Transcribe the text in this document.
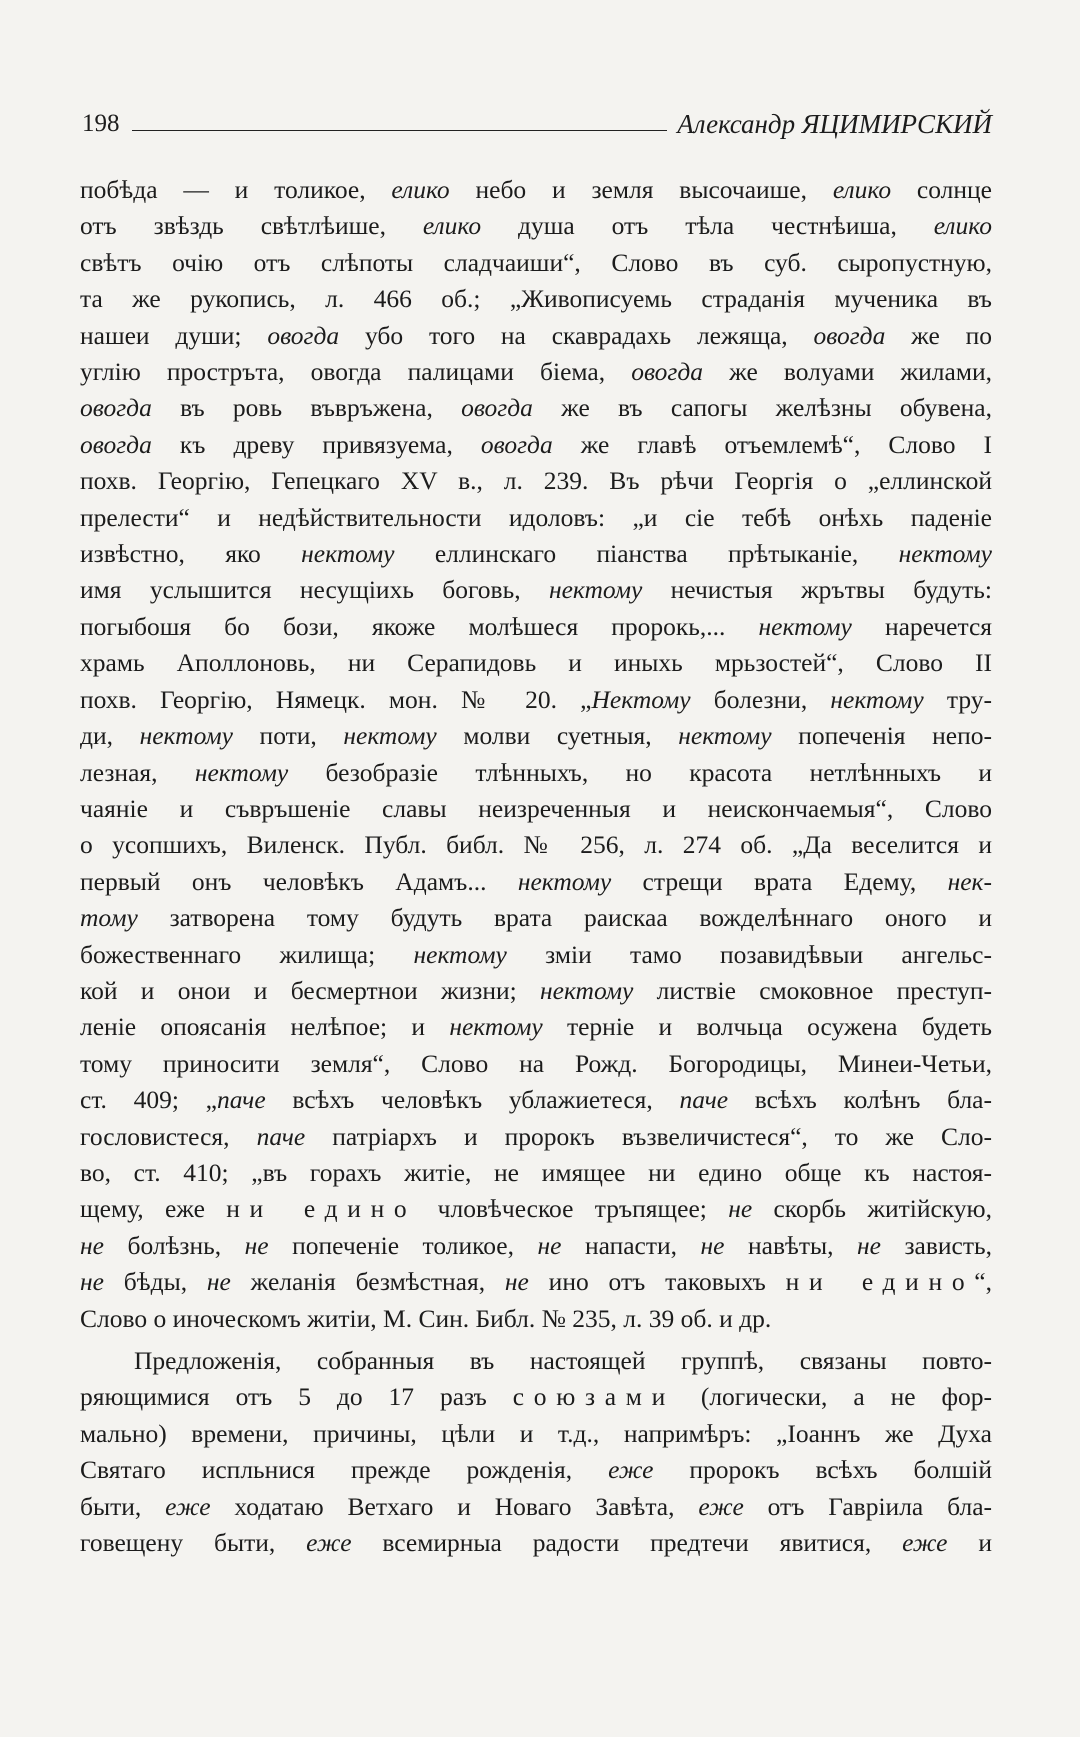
198	Александр ЯЦИМИРСКИЙ

побѣда — и толикое, елико небо и земля высочаише, елико солнце

отъ звѣздь свѣтлѣише, елико душа отъ тѣла честнѣиша, елико

свѣтъ очію отъ слѣпоты сладчаиши“, Слово въ суб. сыропустную,

та же рукопись, л. 466 об.; „Живописуемь страданія мученика въ

нашеи души; овогда убо того на скаврадахь лежяща, овогда же по

углію простръта, овогда палицами біема, овогда же волуами жилами,

овогда въ ровь въвръжена, овогда же въ сапогы желѣзны обувена,

овогда къ древу привязуема, овогда же главѣ отъемлемѣ“, Слово I

похв. Георгію, Гепецкаго XV в., л. 239. Въ рѣчи Георгія о „еллинской

прелести“ и недѣйствительности идоловъ: „и сіе тебѣ онѣхь паденіе

извѣстно, яко нектому еллинскаго піанства прѣтыканіе, нектому

имя услышится несущіихь боговь, нектому нечистыя жрътвы будуть:

погыбошя бо бози, якоже молѣшеся пророкь,... нектому наречется

храмь Аполлоновь, ни Серапидовь и иныхь мрьзостей“, Слово II

похв. Георгію, Нямецк. мон. № 20. „Нектому болезни, нектому тру-

ди, нектому поти, нектому молви суетныя, нектому попеченія непо-

лезная, нектому безобразіе тлѣнныхъ, но красота нетлѣнныхъ и

чаяніе и съвръшеніе славы неизреченныя и неискончаемыя“, Слово

о усопшихъ, Виленск. Публ. библ. № 256, л. 274 об. „Да веселится и

первый онъ человѣкъ Адамъ... нектому стрещи врата Едему, нек-

тому затворена тому будуть врата раискаа вожделѣннаго оного и

божественнаго жилища; нектому зміи тамо позавидѣвыи ангельс-

кой и онои и бесмертнои жизни; нектому листвіе смоковное преступ-

леніе опоясанія нелѣпое; и нектому терніе и волчьца осужена будеть

тому приносити земля“, Слово на Рожд. Богородицы, Минеи-Четьи,

ст. 409; „паче всѣхъ человѣкъ ублажиетеся, паче всѣхъ колѣнъ бла-

гословистеся, паче патріархъ и пророкъ възвеличистеся“, то же Сло-

во, ст. 410; „въ горахъ житіе, не имящее ни едино обще къ настоя-

щему, еже ни едино чловѣческое тръпящее; не скорбь житійскую,

не болѣзнь, не попеченіе толикое, не напасти, не навѣты, не зависть,

не бѣды, не желанія безмѣстная, не ино отъ таковыхъ ни едино“,

Слово о иноческомъ житіи, М. Син. Библ. № 235, л. 39 об. и др.

Предложенія, собранныя въ настоящей группѣ, связаны повто-

ряющимися отъ 5 до 17 разъ союзами (логически, а не фор-

мально) времени, причины, цѣли и т.д., напримѣръ: „Іоаннъ же Духа

Святаго испльнися прежде рожденія, еже пророкъ всѣхъ болшій

быти, еже ходатаю Ветхаго и Новаго Завѣта, еже отъ Гавріила бла-

говещену быти, еже всемирныа радости предтечи явитися, еже и
